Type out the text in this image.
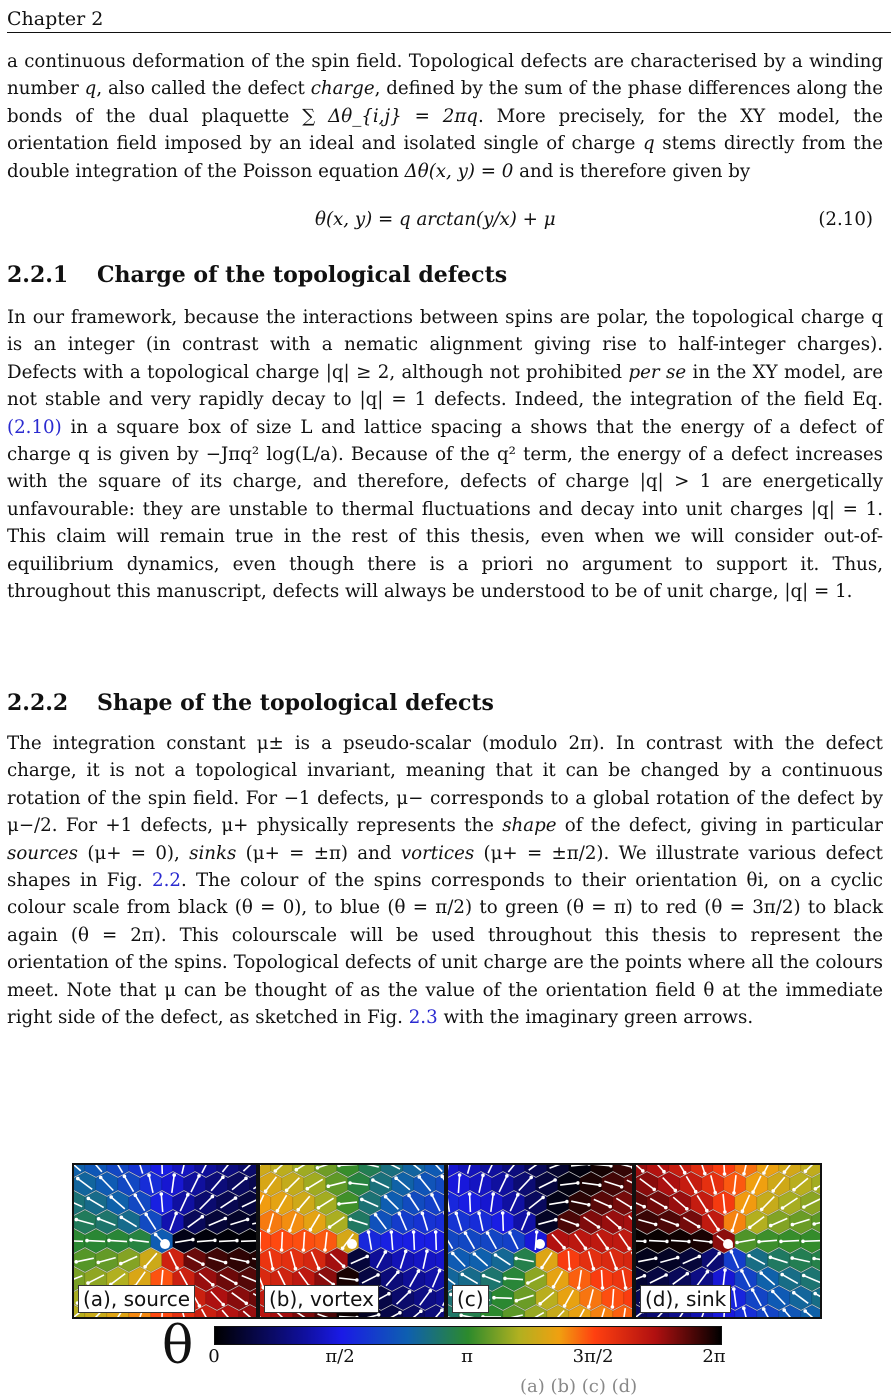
Chapter 2
a continuous deformation of the spin field. Topological defects are characterised by a winding number q, also called the defect charge, defined by the sum of the phase differences along the bonds of the dual plaquette ∑ Δθ_{i,j} = 2πq. More precisely, for the XY model, the orientation field imposed by an ideal and isolated single of charge q stems directly from the double integration of the Poisson equation Δθ(x, y) = 0 and is therefore given by
θ(x, y) = q arctan(y/x) + μ	(2.10)
2.2.1 Charge of the topological defects
In our framework, because the interactions between spins are polar, the topological charge q is an integer (in contrast with a nematic alignment giving rise to half-integer charges). Defects with a topological charge |q| ≥ 2, although not prohibited per se in the XY model, are not stable and very rapidly decay to |q| = 1 defects. Indeed, the integration of the field Eq. (2.10) in a square box of size L and lattice spacing a shows that the energy of a defect of charge q is given by −Jπq² log(L/a). Because of the q² term, the energy of a defect increases with the square of its charge, and therefore, defects of charge |q| > 1 are energetically unfavourable: they are unstable to thermal fluctuations and decay into unit charges |q| = 1. This claim will remain true in the rest of this thesis, even when we will consider out-of-equilibrium dynamics, even though there is a priori no argument to support it. Thus, throughout this manuscript, defects will always be understood to be of unit charge, |q| = 1.
2.2.2 Shape of the topological defects
The integration constant μ± is a pseudo-scalar (modulo 2π). In contrast with the defect charge, it is not a topological invariant, meaning that it can be changed by a continuous rotation of the spin field. For −1 defects, μ− corresponds to a global rotation of the defect by μ−/2. For +1 defects, μ+ physically represents the shape of the defect, giving in particular sources (μ+ = 0), sinks (μ+ = ±π) and vortices (μ+ = ±π/2). We illustrate various defect shapes in Fig. 2.2. The colour of the spins corresponds to their orientation θi, on a cyclic colour scale from black (θ = 0), to blue (θ = π/2) to green (θ = π) to red (θ = 3π/2) to black again (θ = 2π). This colourscale will be used throughout this thesis to represent the orientation of the spins. Topological defects of unit charge are the points where all the colours meet. Note that μ can be thought of as the value of the orientation field θ at the immediate right side of the defect, as sketched in Fig. 2.3 with the imaginary green arrows.
(a), source	(b), vortex	(c)	(d), sink
θ 0	π/2	π	3π/2	2π
(a) (b) (c) (d)
